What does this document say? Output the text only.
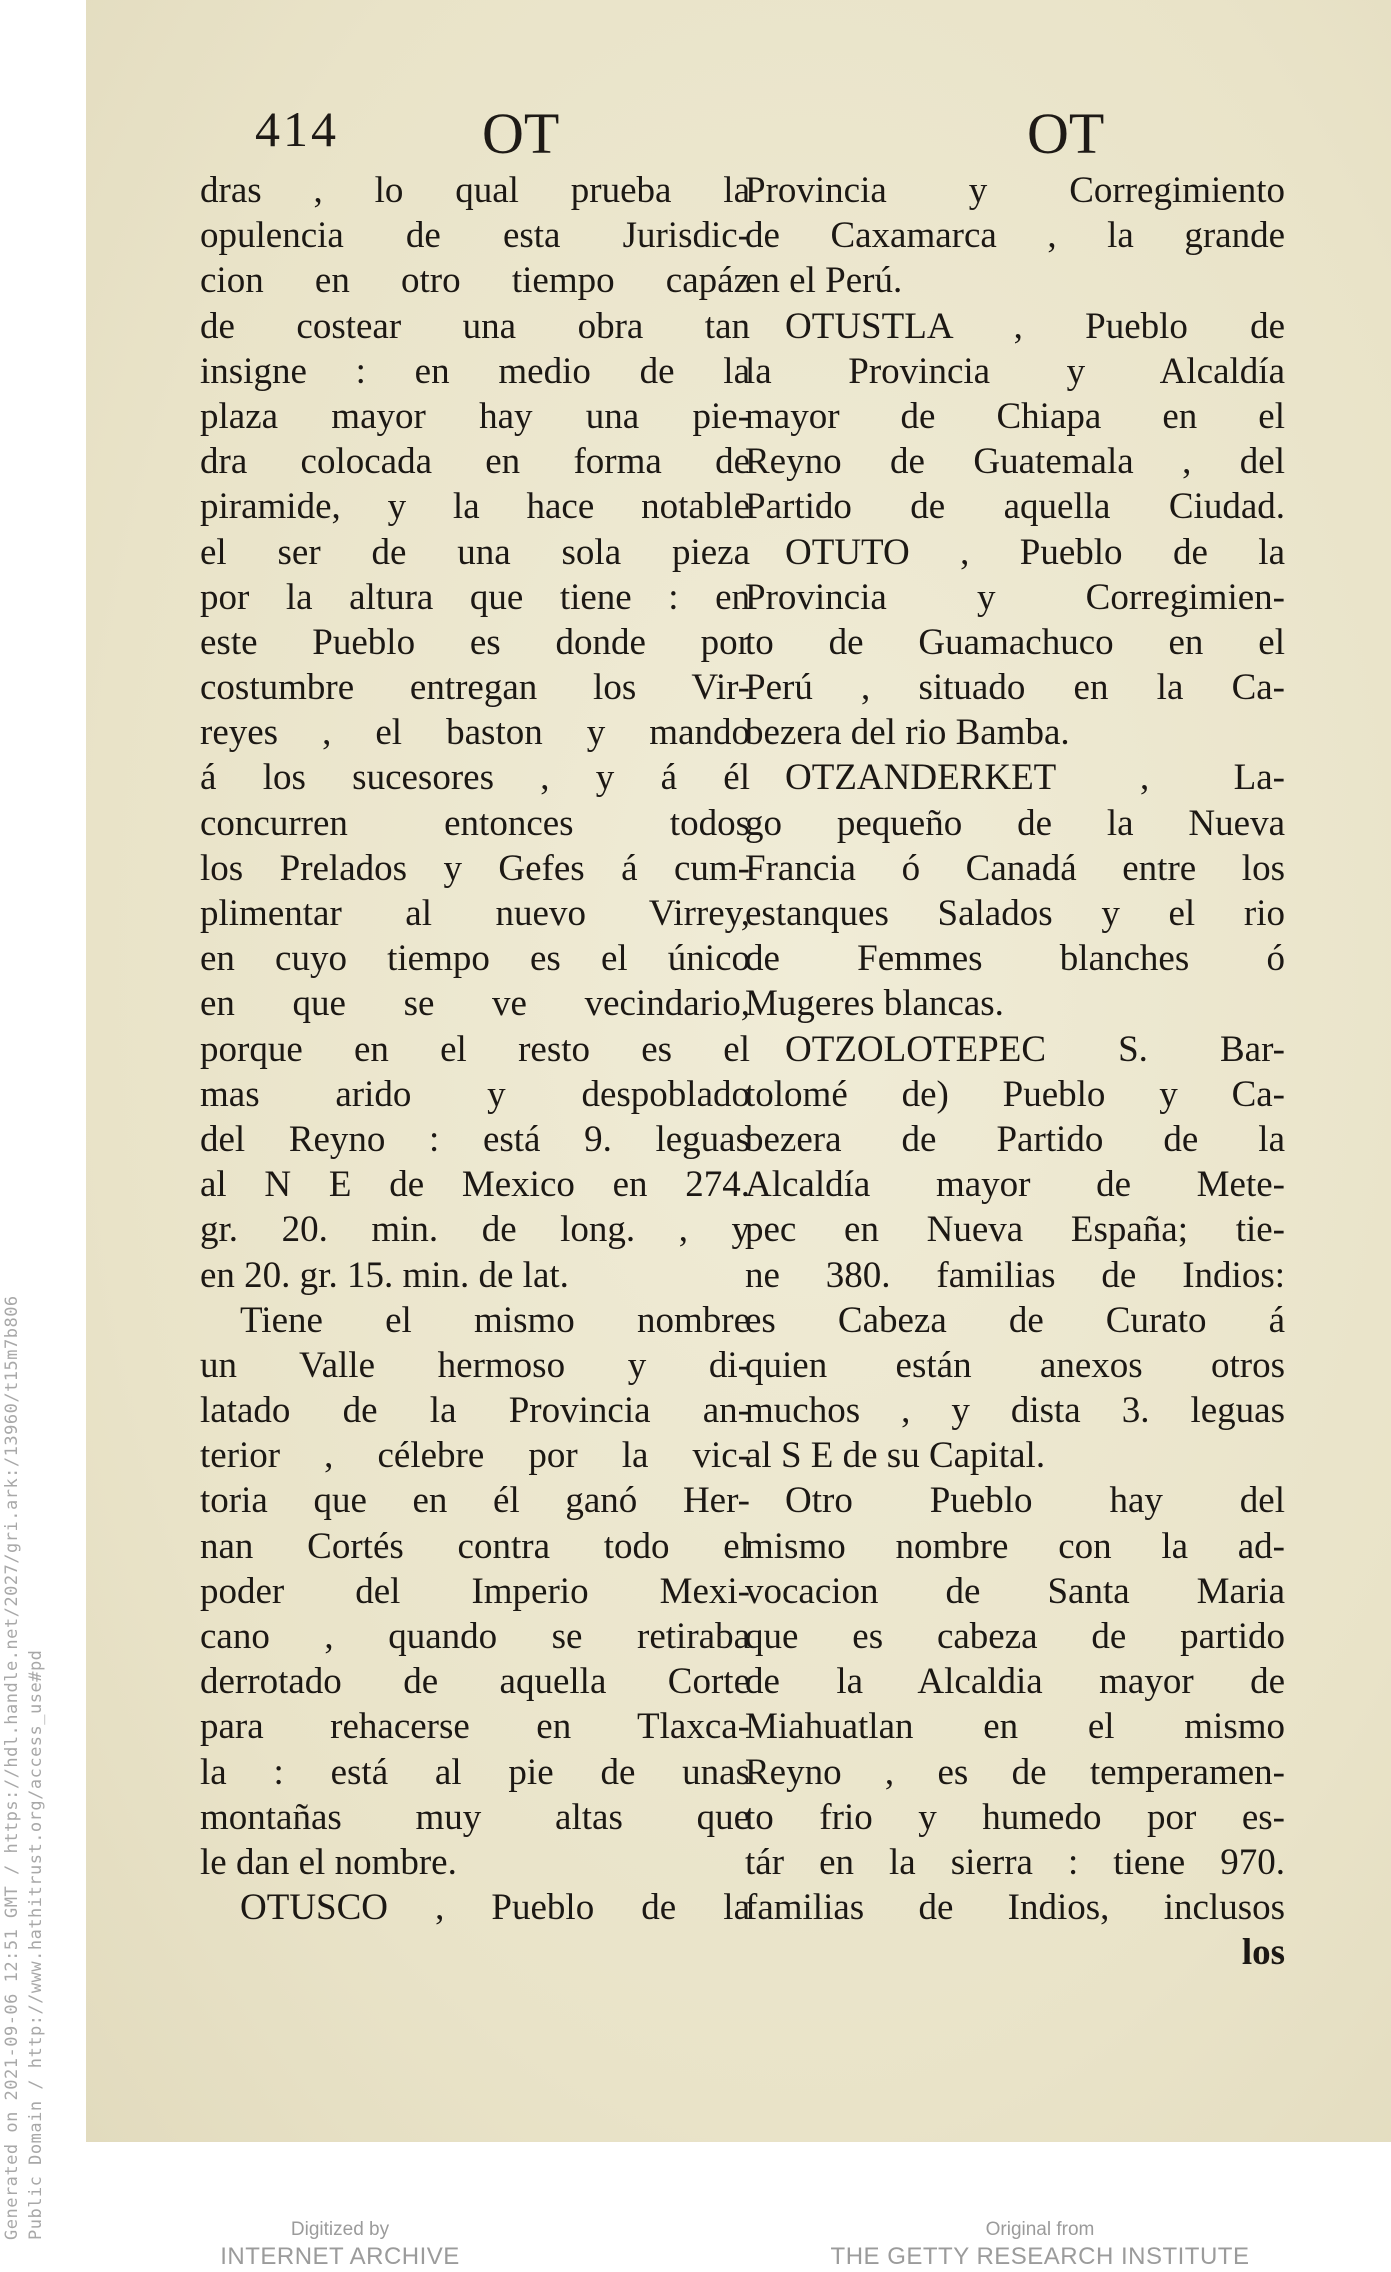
414 OT	OT
dras , lo qual prueba la
opulencia de esta Jurisdic-
cion en otro tiempo capáz
de costear una obra tan
insigne : en medio de la
plaza mayor hay una pie-
dra colocada en forma de
piramide, y la hace notable
el ser de una sola pieza
por la altura que tiene : en
este Pueblo es donde por
costumbre entregan los Vir-
reyes , el baston y mando
á los sucesores , y á él
concurren entonces todos
los Prelados y Gefes á cum-
plimentar al nuevo Virrey,
en cuyo tiempo es el único
en que se ve vecindario,
porque en el resto es el
mas arido y despoblado
del Reyno : está 9. leguas
al N E de Mexico en 274.
gr. 20. min. de long. , y
en 20. gr. 15. min. de lat.
Tiene el mismo nombre
un Valle hermoso y di-
latado de la Provincia an-
terior , célebre por la vic-
toria que en él ganó Her-
nan Cortés contra todo el
poder del Imperio Mexi-
cano , quando se retiraba
derrotado de aquella Corte
para rehacerse en Tlaxca-
la : está al pie de unas
montañas muy altas que
le dan el nombre.
OTUSCO , Pueblo de la
Provincia y Corregimiento
de Caxamarca , la grande
en el Perú.
OTUSTLA , Pueblo de
la Provincia y Alcaldía
mayor de Chiapa en el
Reyno de Guatemala , del
Partido de aquella Ciudad.
OTUTO , Pueblo de la
Provincia y Corregimien-
to de Guamachuco en el
Perú , situado en la Ca-
bezera del rio Bamba.
OTZANDERKET , La-
go pequeño de la Nueva
Francia ó Canadá entre los
estanques Salados y el rio
de Femmes blanches ó
Mugeres blancas.
OTZOLOTEPEC S. Bar-
tolomé de) Pueblo y Ca-
bezera de Partido de la
Alcaldía mayor de Mete-
pec en Nueva España; tie-
ne 380. familias de Indios:
es Cabeza de Curato á
quien están anexos otros
muchos , y dista 3. leguas
al S E de su Capital.
Otro Pueblo hay del
mismo nombre con la ad-
vocacion de Santa Maria
que es cabeza de partido
de la Alcaldia mayor de
Miahuatlan en el mismo
Reyno , es de temperamen-
to frio y humedo por es-
tár en la sierra : tiene 970.
familias de Indios, inclusos
los
Generated on 2021-09-06 12:51 GMT / https://hdl.handle.net/2027/gri.ark:/13960/t15m7b806 Public Domain / http://www.hathitrust.org/access_use#pd	Digitized by
INTERNET ARCHIVE
Original from
THE GETTY RESEARCH INSTITUTE
